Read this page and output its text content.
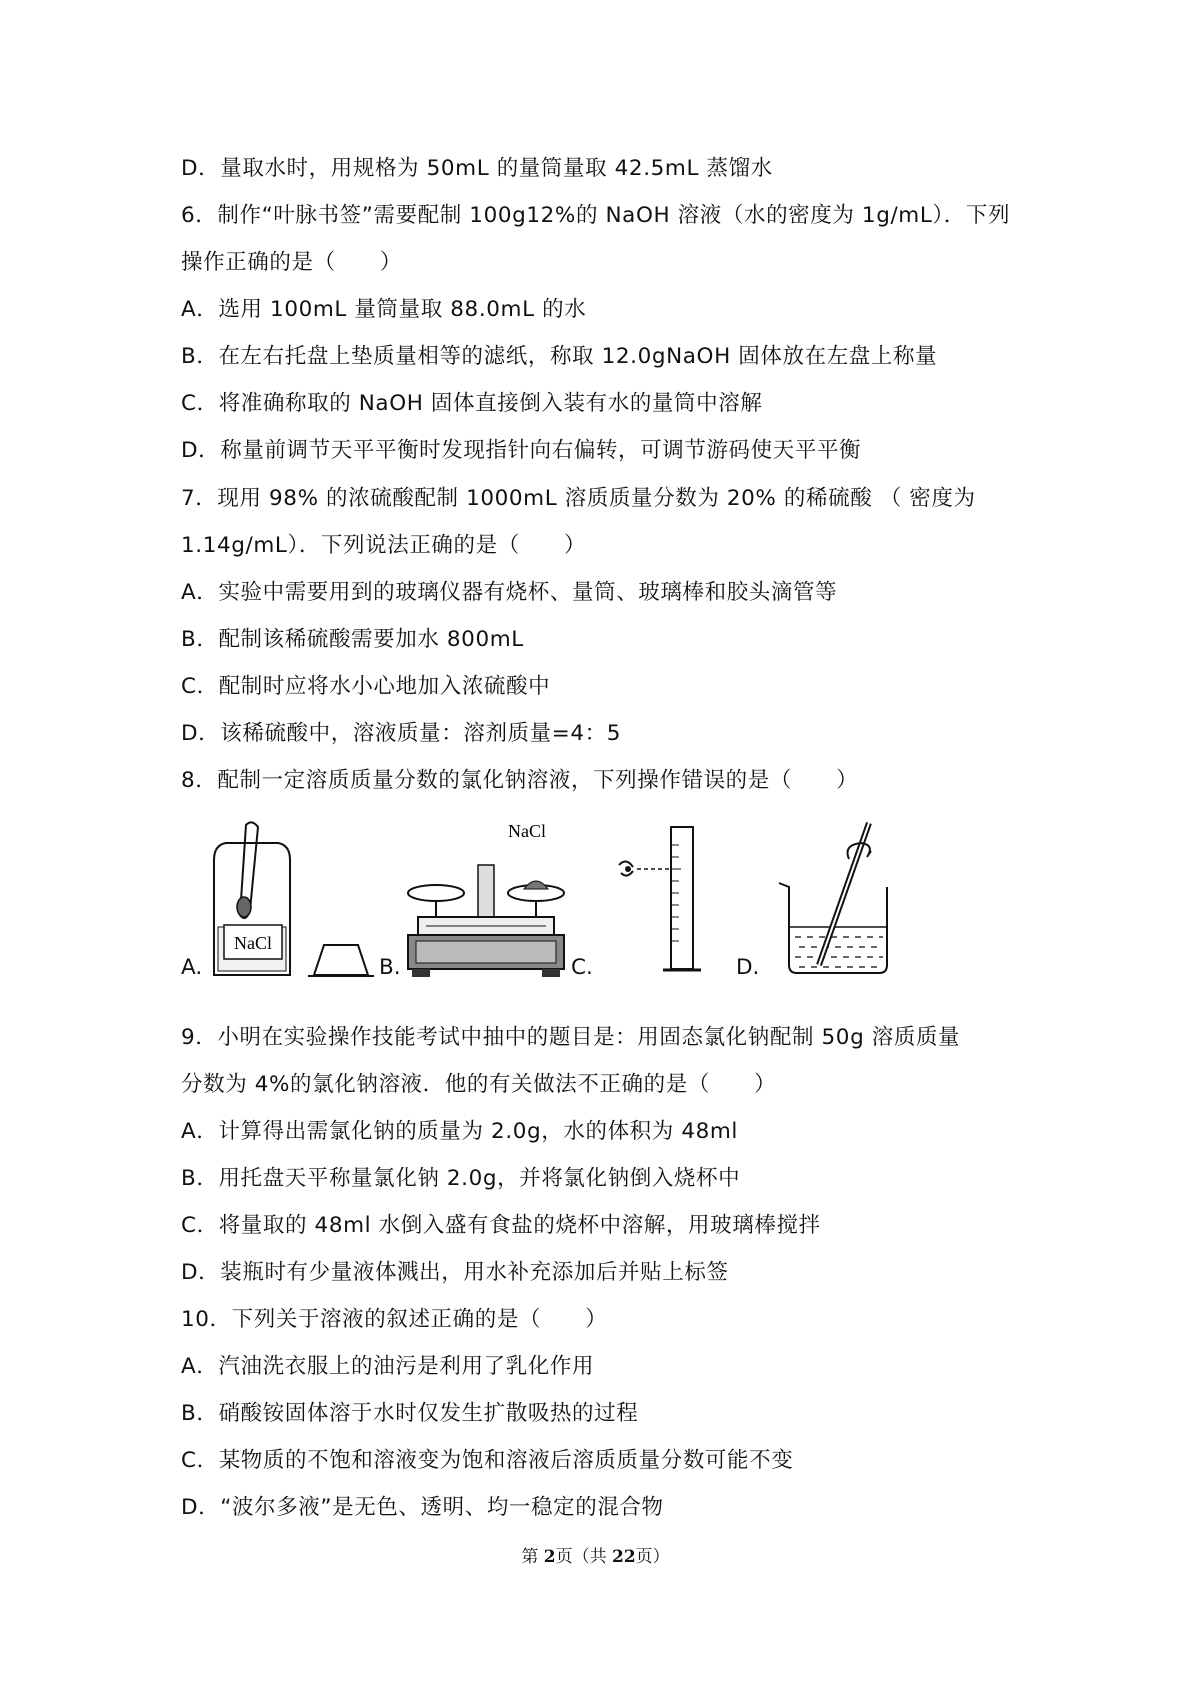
D．量取水时，用规格为 50mL 的量筒量取 42.5mL 蒸馏水
6．制作“叶脉书签”需要配制 100g12%的 NaOH 溶液（水的密度为 1g/mL）．下列
操作正确的是（　　）
A．选用 100mL 量筒量取 88.0mL 的水
B．在左右托盘上垫质量相等的滤纸，称取 12.0gNaOH 固体放在左盘上称量
C．将准确称取的 NaOH 固体直接倒入装有水的量筒中溶解
D．称量前调节天平平衡时发现指针向右偏转，可调节游码使天平平衡
7．现用 98% 的浓硫酸配制 1000mL 溶质质量分数为 20% 的稀硫酸 （ 密度为
1.14g/mL）．下列说法正确的是（　　）
A．实验中需要用到的玻璃仪器有烧杯、量筒、玻璃棒和胶头滴管等
B．配制该稀硫酸需要加水 800mL
C．配制时应将水小心地加入浓硫酸中
D．该稀硫酸中，溶液质量：溶剂质量=4：5
8．配制一定溶质质量分数的氯化钠溶液，下列操作错误的是（　　）
NaCl
A.
NaCl
B.	C.	D.
9．小明在实验操作技能考试中抽中的题目是：用固态氯化钠配制 50g 溶质质量
分数为 4%的氯化钠溶液．他的有关做法不正确的是（　　）
A．计算得出需氯化钠的质量为 2.0g，水的体积为 48ml
B．用托盘天平称量氯化钠 2.0g，并将氯化钠倒入烧杯中
C．将量取的 48ml 水倒入盛有食盐的烧杯中溶解，用玻璃棒搅拌
D．装瓶时有少量液体溅出，用水补充添加后并贴上标签
10．下列关于溶液的叙述正确的是（　　）
A．汽油洗衣服上的油污是利用了乳化作用
B．硝酸铵固体溶于水时仅发生扩散吸热的过程
C．某物质的不饱和溶液变为饱和溶液后溶质质量分数可能不变
D．“波尔多液”是无色、透明、均一稳定的混合物
第 2页（共 22页）
